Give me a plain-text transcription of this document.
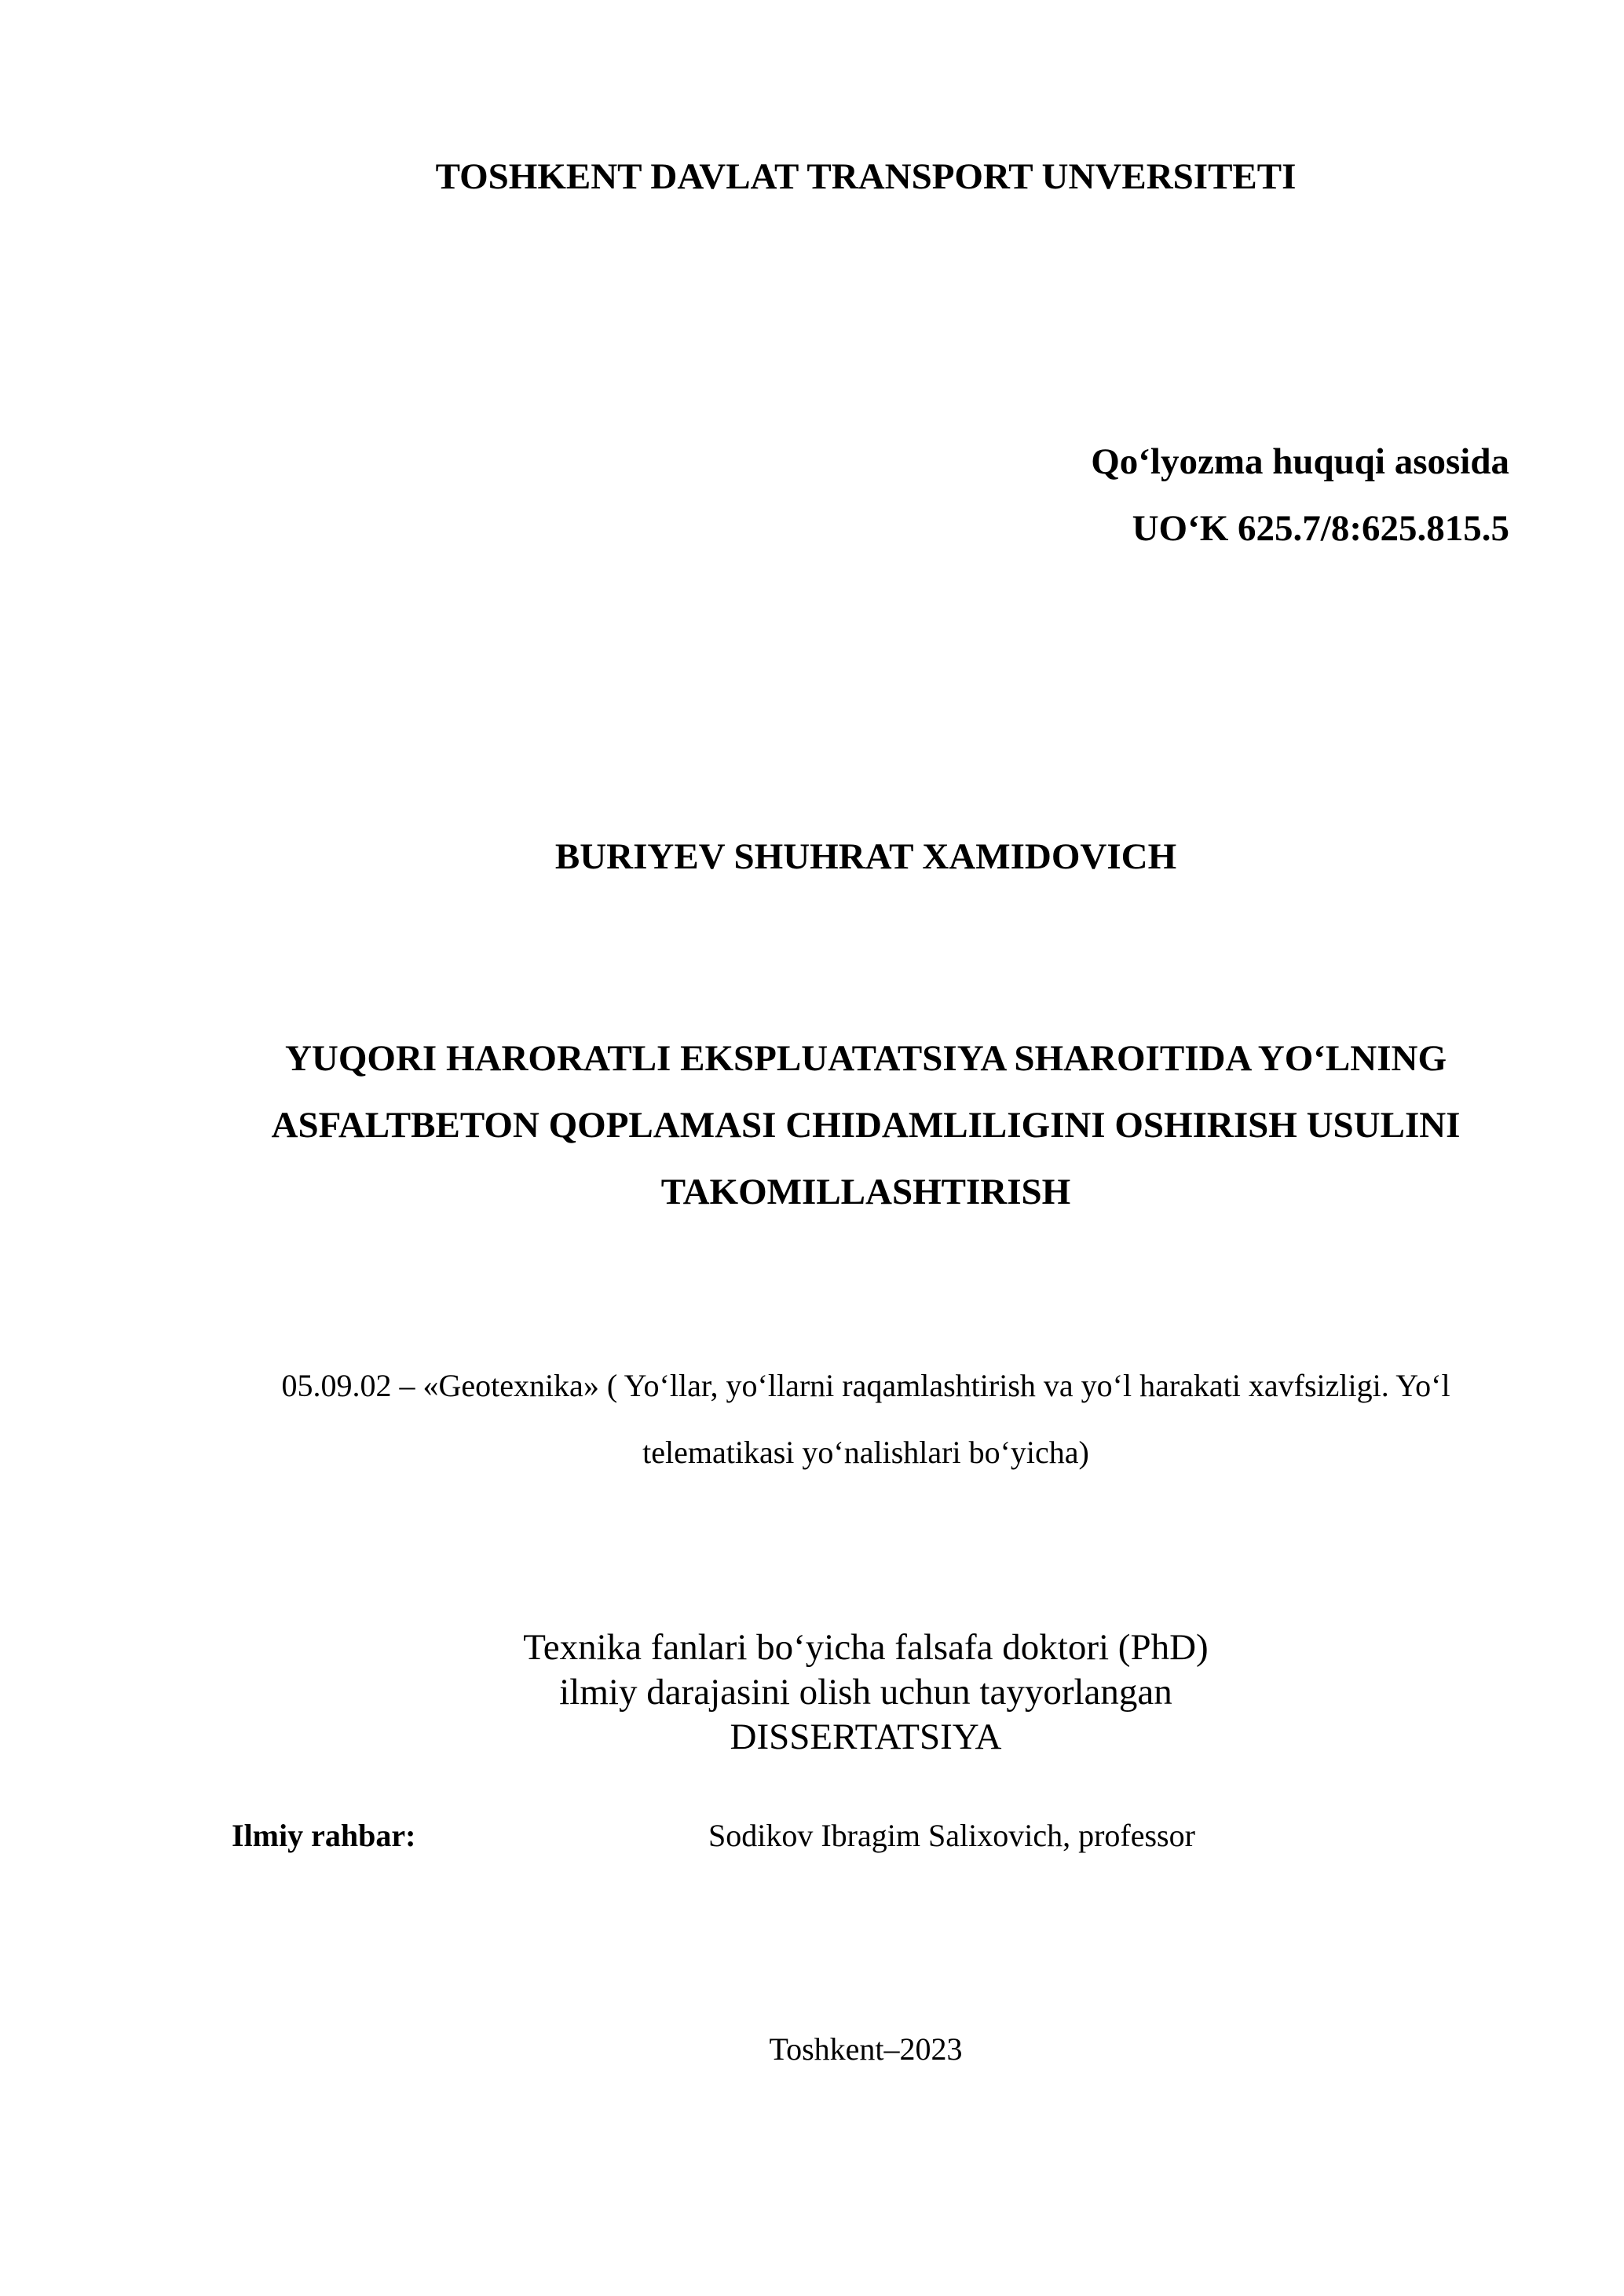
TOSHKENT DAVLAT TRANSPORT UNVERSITETI
Qo‘lyozma huquqi asosida
UO‘K 625.7/8:625.815.5
BURIYEV SHUHRAT XAMIDOVICH
YUQORI HARORATLI EKSPLUATATSIYA SHAROITIDA YO‘LNING
ASFALTBETON QOPLAMASI CHIDAMLILIGINI OSHIRISH USULINI
TAKOMILLASHTIRISH
05.09.02 – «Geotexnika» ( Yo‘llar, yo‘llarni raqamlashtirish va yo‘l harakati xavfsizligi. Yo‘l
telematikasi yo‘nalishlari bo‘yicha)
Texnika fanlari bo‘yicha falsafa doktori (PhD)
ilmiy darajasini olish uchun tayyorlangan
DISSERTATSIYA
Ilmiy rahbar:	Sodikov Ibragim Salixovich, professor
Toshkent–2023
